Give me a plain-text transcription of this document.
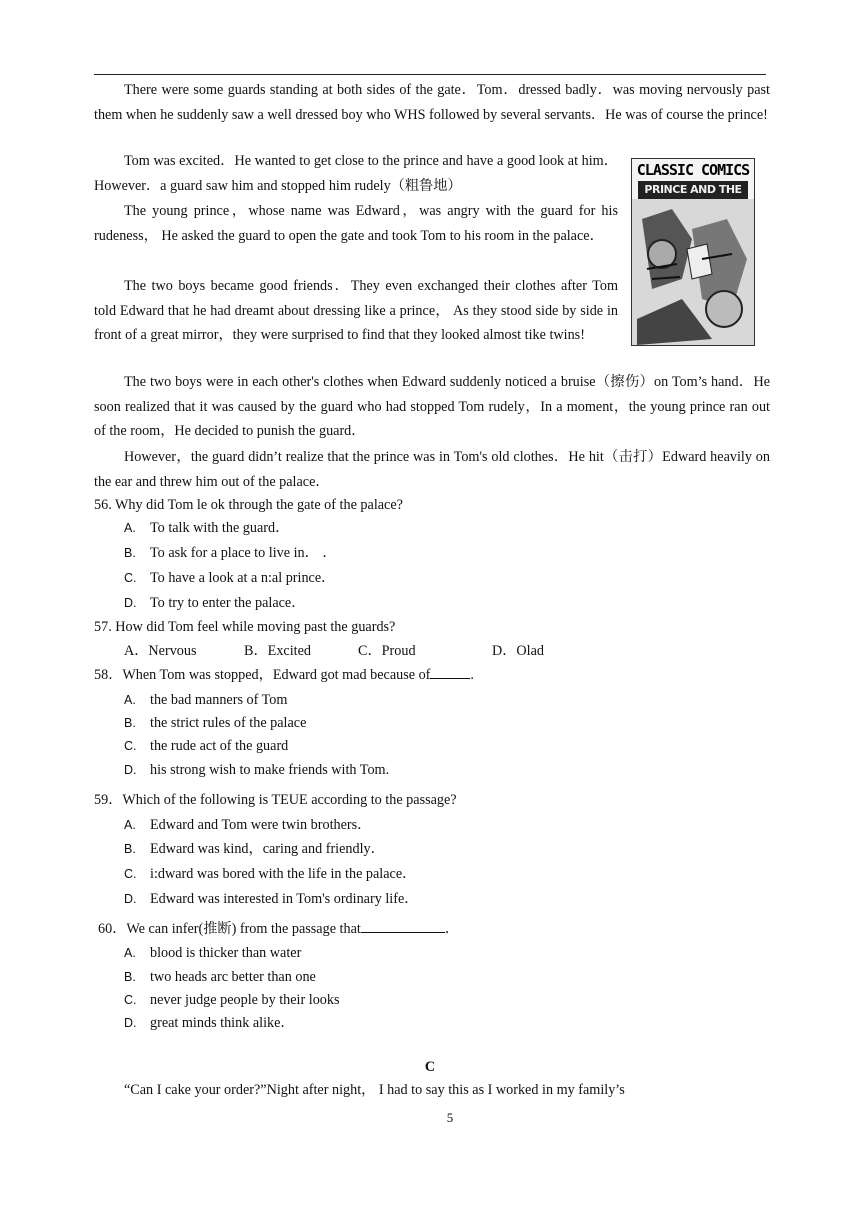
There were some guards standing at both sides of the gate．Tom．dressed badly．was moving nervously past them when he suddenly saw a well dressed boy who WHS followed by several servants．He was of course the prince!
CLASSIC COMICS
PRINCE AND THE
Tom was excited．He wanted to get close to the prince and have a good look at him．However．a guard saw him and stopped him rudely（粗鲁地）
The young prince，whose name was Edward，was angry with the guard for his rudeness， He asked the guard to open the gate and took Tom to his room in the palace．
The two boys became good friends．They even exchanged their clothes after Tom told Edward that he had dreamt about dressing like a prince， As they stood side by side in front of a great mirror，they were surprised to find that they looked almost tike twins!
The two boys were in each other's clothes when Edward suddenly noticed a bruise（擦伤）on Tom’s hand．He soon realized that it was caused by the guard who had stopped Tom rudely，In a moment，the young prince ran out of the room，He decided to punish the guard．
However，the guard didn’t realize that the prince was in Tom's old clothes．He hit（击打）Edward heavily on the ear and threw him out of the palace．
56. Why did Tom le ok through the gate of the palace?
A. To talk with the guard．
B. To ask for a place to live in． ．
C. To have a look at a n:al prince．
D. To try to enter the palace．
57. How did Tom feel while moving past the guards?
A．Nervous	B．Excited	C．Proud	D．Olad
58．When Tom was stopped，Edward got mad because of	.
A. the bad manners of Tom
B. the strict rules of the palace
C. the rude act of the guard
D. his strong wish to make friends with Tom.
59．Which of the following is TEUE according to the passage?
A. Edward and Tom were twin brothers．
B. Edward was kind，caring and friendly．
C. i:dward was bored with the life in the palace．
D. Edward was interested in Tom's ordinary life．
60．We can infer(推断) from the passage that	．
A. blood is thicker than water
B. two heads arc better than one
C. never judge people by their looks
D. great minds think alike．
C
“Can I cake your order?”Night after night， I had to say this as I worked in my family’s
5
